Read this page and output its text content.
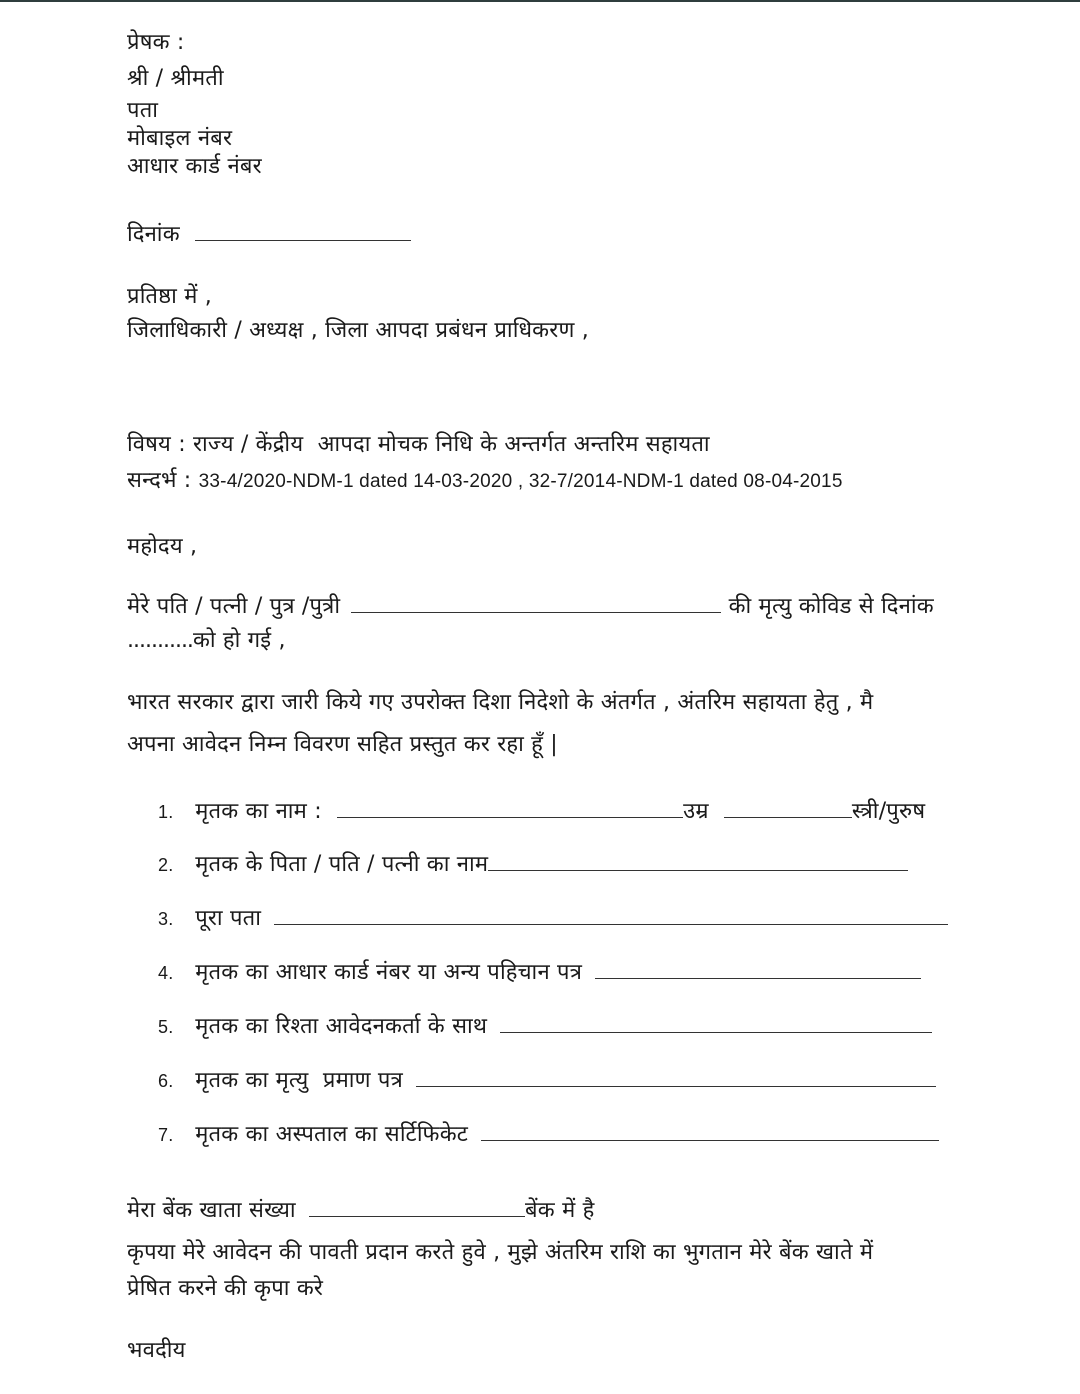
प्रेषक :
श्री / श्रीमती
पता
मोबाइल नंबर
आधार कार्ड नंबर
दिनांक
प्रतिष्ठा में ,
जिलाधिकारी / अध्यक्ष , जिला आपदा प्रबंधन प्राधिकरण ,
विषय : राज्य / केंद्रीय  आपदा मोचक निधि के अन्तर्गत अन्तरिम सहायता
सन्दर्भ : 33-4/2020-NDM-1 dated 14-03-2020 , 32-7/2014-NDM-1 dated 08-04-2015
महोदय ,
मेरे पति / पत्नी / पुत्र /पुत्री	की मृत्यु कोविड से दिनांक
...........को हो गई ,
भारत सरकार द्वारा जारी किये गए उपरोक्त दिशा निदेशो के अंतर्गत , अंतरिम सहायता हेतु , मै
अपना आवेदन निम्न विवरण सहित प्रस्तुत कर रहा हूँ |
1. मृतक का नाम :	उम्र	स्त्री/पुरुष
2. मृतक के पिता / पति / पत्नी का नाम
3. पूरा पता
4. मृतक का आधार कार्ड नंबर या अन्य पहिचान पत्र
5. मृतक का रिश्ता आवेदनकर्ता के साथ
6. मृतक का मृत्यु  प्रमाण पत्र
7. मृतक का अस्पताल का सर्टिफिकेट
मेरा बेंक खाता संख्या	बेंक में है
कृपया मेरे आवेदन की पावती प्रदान करते हुवे , मुझे अंतरिम राशि का भुगतान मेरे बेंक खाते में
प्रेषित करने की कृपा करे
भवदीय
